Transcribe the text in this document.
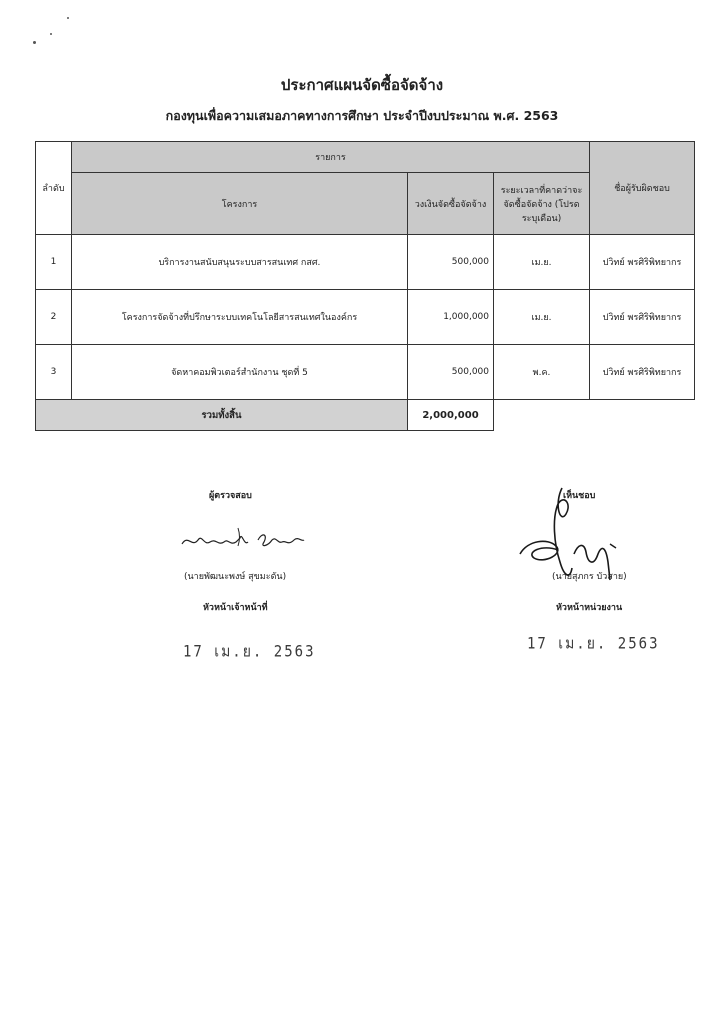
ประกาศแผนจัดซื้อจัดจ้าง
กองทุนเพื่อความเสมอภาคทางการศึกษา ประจำปีงบประมาณ พ.ศ. 2563
ลำดับ	รายการ			ชื่อผู้รับผิดชอบ
	โครงการ	วงเงินจัดซื้อจัดจ้าง	ระยะเวลาที่คาดว่าจะจัดซื้อจัดจ้าง (โปรดระบุเดือน)	
1	บริการงานสนับสนุนระบบสารสนเทศ กสศ.	500,000	เม.ย.	ปวิทย์ พรศิริพิทยากร
2	โครงการจัดจ้างที่ปรึกษาระบบเทคโนโลยีสารสนเทศในองค์กร	1,000,000	เม.ย.	ปวิทย์ พรศิริพิทยากร
3	จัดหาคอมพิวเตอร์สำนักงาน ชุดที่ 5	500,000	พ.ค.	ปวิทย์ พรศิริพิทยากร
รวมทั้งสิ้น		2,000,000		
ผู้ตรวจสอบ
(นายพัฒนะพงษ์ สุขมะดัน)
หัวหน้าเจ้าหน้าที่
17 เม.ย. 2563
เห็นชอบ
(นายสุภกร บัวสาย)
หัวหน้าหน่วยงาน
17 เม.ย. 2563
